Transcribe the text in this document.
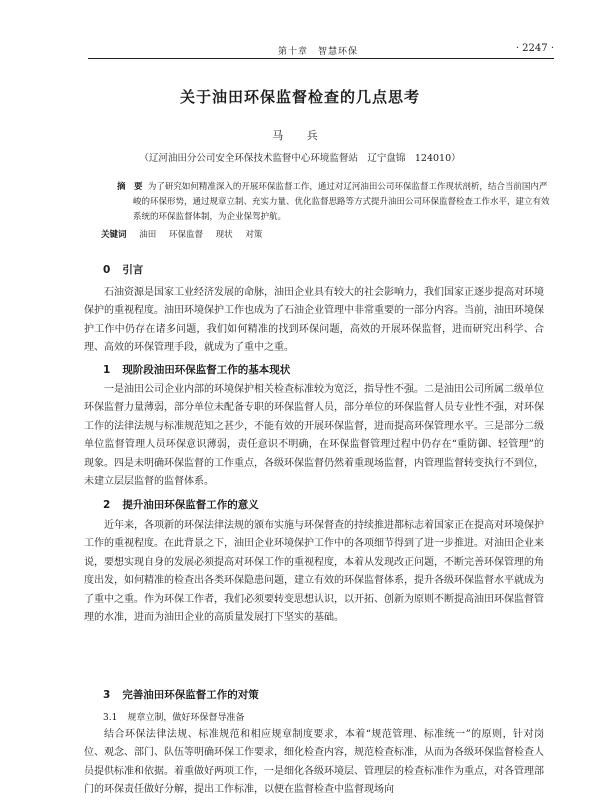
第十章　智慧环保	· 2247 ·
关于油田环保监督检查的几点思考
马 兵
（辽河油田分公司安全环保技术监督中心环境监督站　辽宁盘锦　124010）
摘　要 为了研究如何精准深入的开展环保监督工作，通过对辽河油田公司环保监督工作现状剖析，结合当前国内严峻的环保形势，通过规章立制、充实力量、优化监督思路等方式提升油田公司环保监督检查工作水平，建立有效系统的环保监督体制，为企业保驾护航。
关键词 油田 环保监督 现状 对策
0 引言
石油资源是国家工业经济发展的命脉，油田企业具有较大的社会影响力，我们国家正逐步提高对环境保护的重视程度。油田环境保护工作也成为了石油企业管理中非常重要的一部分内容。当前，油田环境保护工作中仍存在诸多问题，我们如何精准的找到环保问题，高效的开展环保监督，进而研究出科学、合理、高效的环保管理手段，就成为了重中之重。
1 现阶段油田环保监督工作的基本现状
一是油田公司企业内部的环境保护相关检查标准较为宽泛，指导性不强。二是油田公司所属二级单位环保监督力量薄弱，部分单位未配备专职的环保监督人员，部分单位的环保监督人员专业性不强，对环保工作的法律法规与标准规范知之甚少，不能有效的开展环保监督，进而提高环保管理水平。三是部分二级单位监督管理人员环保意识薄弱，责任意识不明确，在环保监督管理过程中仍存在“重防御、轻管理”的现象。四是未明确环保监督的工作重点，各级环保监督仍然着重现场监督，内管理监督转变执行不到位，未建立层层监督的监督体系。
2 提升油田环保监督工作的意义
近年来，各项新的环保法律法规的颁布实施与环保督查的持续推进都标志着国家正在提高对环境保护工作的重视程度。在此背景之下，油田企业环境保护工作中的各项细节得到了进一步推进。对油田企业来说，要想实现自身的发展必须提高对环保工作的重视程度，本着从发现改正问题，不断完善环保管理的角度出发，如何精准的检查出各类环保隐患问题，建立有效的环保监督体系，提升各级环保监督水平就成为了重中之重。作为环保工作者，我们必须要转变思想认识，以开拓、创新为原则不断提高油田环保监督管理的水准，进而为油田企业的高质量发展打下坚实的基础。
3 完善油田环保监督工作的对策
3.1 规章立制，做好环保督导准备
结合环保法律法规、标准规范和相应规章制度要求，本着“规范管理、标准统一”的原则，针对岗位、观念、部门、队伍等明确环保工作要求，细化检查内容，规范检查标准，从而为各级环保监督检查人员提供标准和依据。着重做好两项工作，一是细化各级环境层、管理层的检查标准作为重点，对各管理部门的环保责任做好分解，提出工作标准，以便在监督检查中监督现场向
